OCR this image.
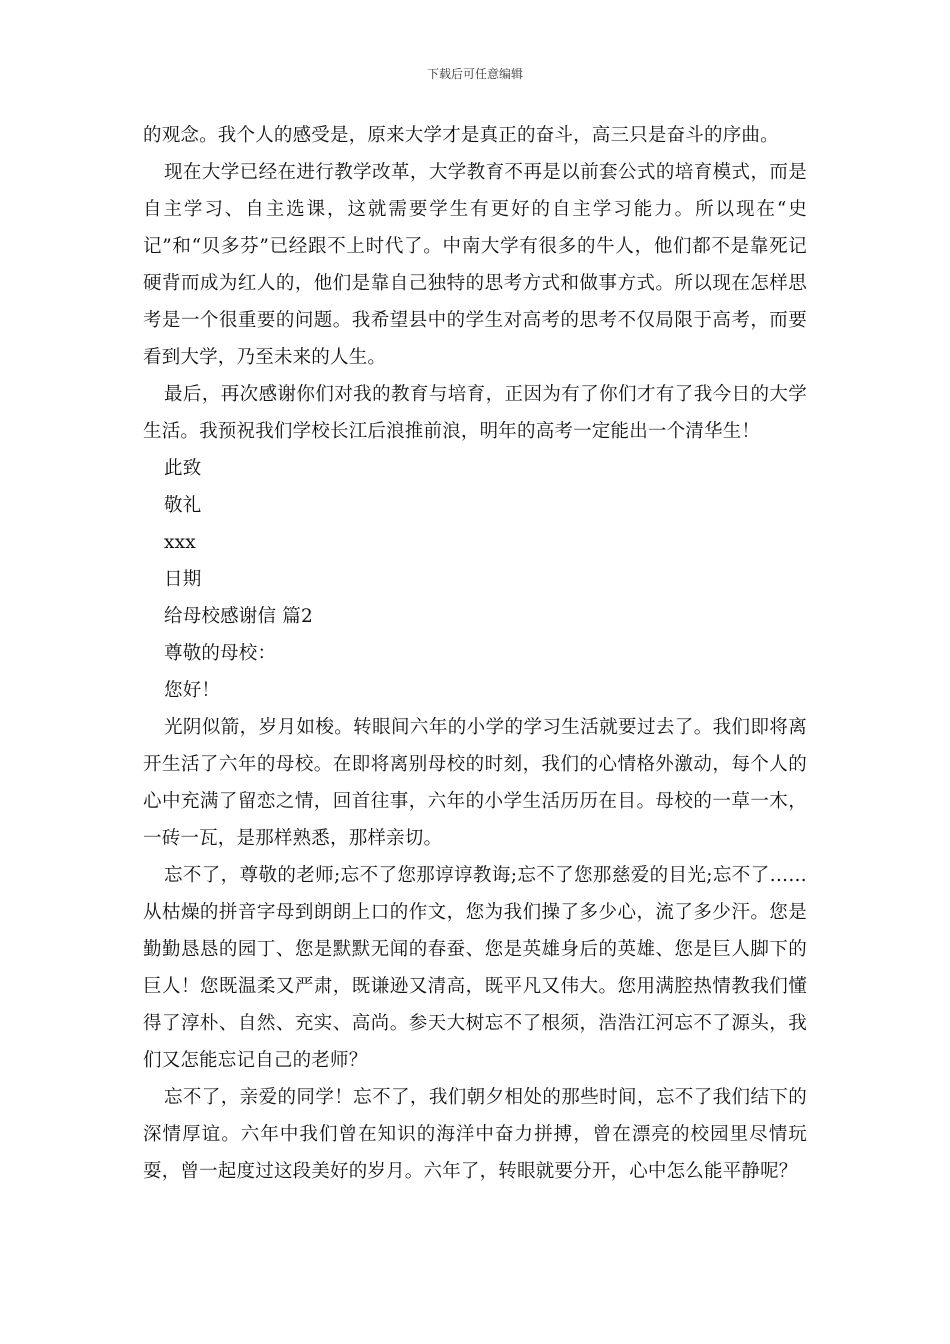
下载后可任意编辑

的观念。我个人的感受是，原来大学才是真正的奋斗，高三只是奋斗的序曲。

现在大学已经在进行教学改革，大学教育不再是以前套公式的培育模式，而是自主学习、自主选课，这就需要学生有更好的自主学习能力。所以现在“史记”和“贝多芬”已经跟不上时代了。中南大学有很多的牛人，他们都不是靠死记硬背而成为红人的，他们是靠自己独特的思考方式和做事方式。所以现在怎样思考是一个很重要的问题。我希望县中的学生对高考的思考不仅局限于高考，而要看到大学，乃至未来的人生。

最后，再次感谢你们对我的教育与培育，正因为有了你们才有了我今日的大学生活。我预祝我们学校长江后浪推前浪，明年的高考一定能出一个清华生！

此致

敬礼

xxx

日期

给母校感谢信 篇2

尊敬的母校：

您好！

光阴似箭，岁月如梭。转眼间六年的小学的学习生活就要过去了。我们即将离开生活了六年的母校。在即将离别母校的时刻，我们的心情格外激动，每个人的心中充满了留恋之情，回首往事，六年的小学生活历历在目。母校的一草一木，一砖一瓦，是那样熟悉，那样亲切。

忘不了，尊敬的老师;忘不了您那谆谆教诲;忘不了您那慈爱的目光;忘不了……从枯燥的拼音字母到朗朗上口的作文，您为我们操了多少心，流了多少汗。您是勤勤恳恳的园丁、您是默默无闻的春蚕、您是英雄身后的英雄、您是巨人脚下的巨人！您既温柔又严肃，既谦逊又清高，既平凡又伟大。您用满腔热情教我们懂得了淳朴、自然、充实、高尚。参天大树忘不了根须，浩浩江河忘不了源头，我们又怎能忘记自己的老师？

忘不了，亲爱的同学！忘不了，我们朝夕相处的那些时间，忘不了我们结下的深情厚谊。六年中我们曾在知识的海洋中奋力拼搏，曾在漂亮的校园里尽情玩耍，曾一起度过这段美好的岁月。六年了，转眼就要分开，心中怎么能平静呢？
